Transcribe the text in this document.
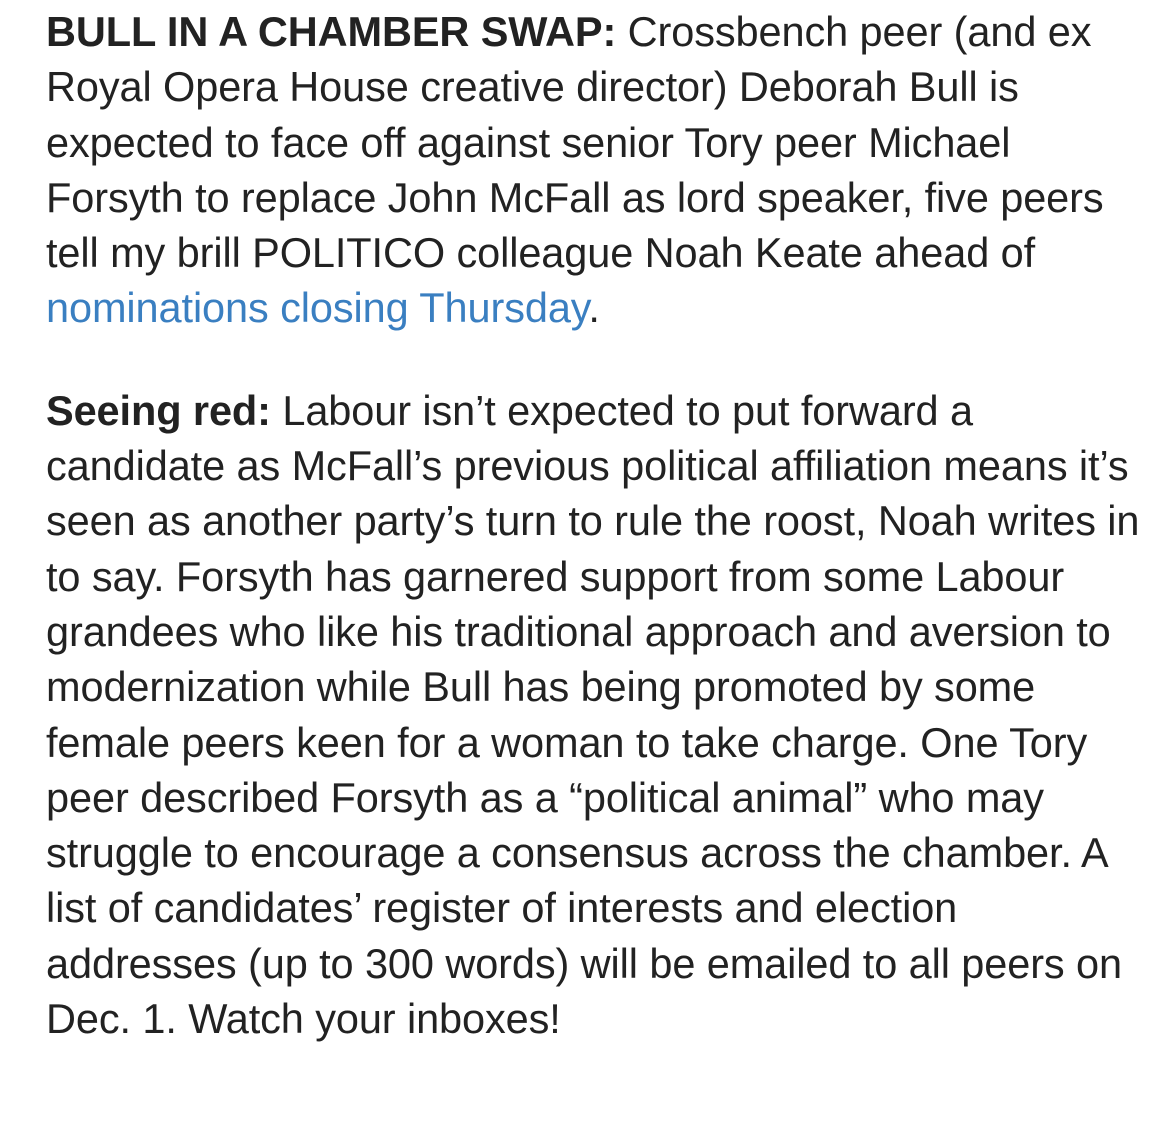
BULL IN A CHAMBER SWAP: Crossbench peer (and ex Royal Opera House creative director) Deborah Bull is expected to face off against senior Tory peer Michael Forsyth to replace John McFall as lord speaker, five peers tell my brill POLITICO colleague Noah Keate ahead of nominations closing Thursday.

Seeing red: Labour isn’t expected to put forward a candidate as McFall’s previous political affiliation means it’s seen as another party’s turn to rule the roost, Noah writes in to say. Forsyth has garnered support from some Labour grandees who like his traditional approach and aversion to modernization while Bull has being promoted by some female peers keen for a woman to take charge. One Tory peer described Forsyth as a “political animal” who may struggle to encourage a consensus across the chamber. A list of candidates’ register of interests and election addresses (up to 300 words) will be emailed to all peers on Dec. 1. Watch your inboxes!
